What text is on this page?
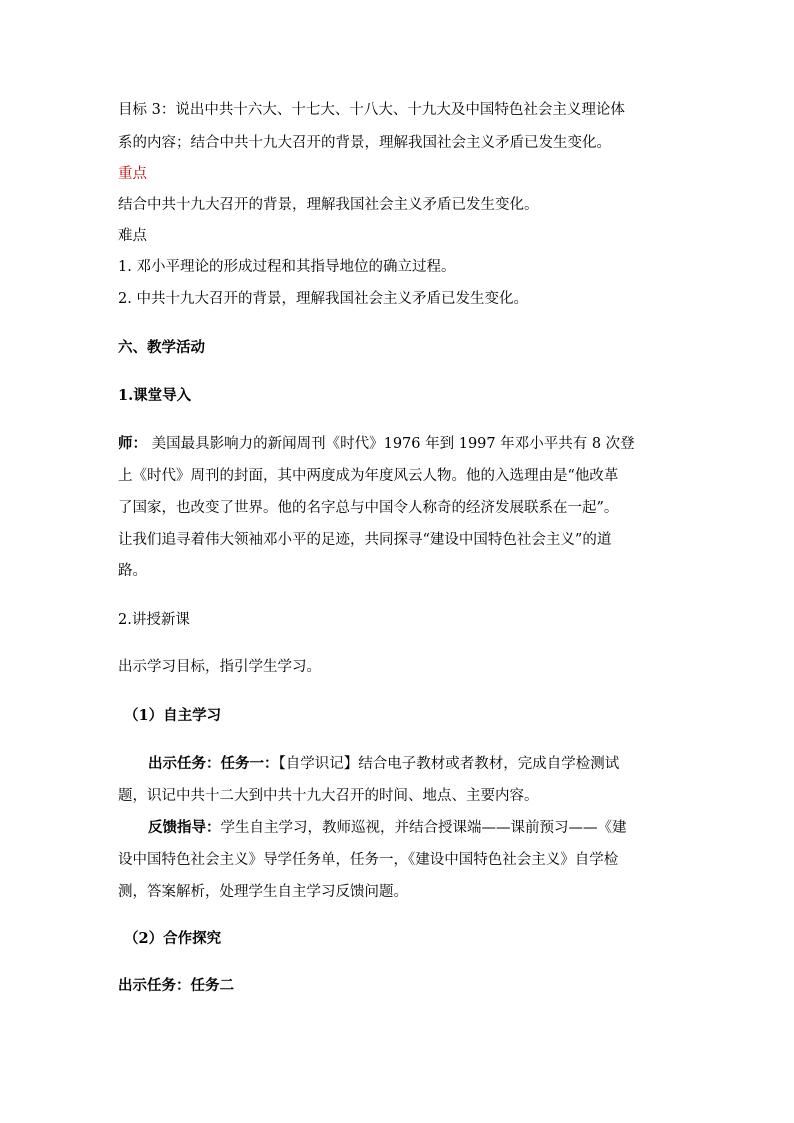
目标 3：说出中共十六大、十七大、十八大、十九大及中国特色社会主义理论体
系的内容；结合中共十九大召开的背景，理解我国社会主义矛盾已发生变化。
重点
结合中共十九大召开的背景，理解我国社会主义矛盾已发生变化。
难点
1. 邓小平理论的形成过程和其指导地位的确立过程。
2. 中共十九大召开的背景，理解我国社会主义矛盾已发生变化。
六、教学活动
1.课堂导入
师： 美国最具影响力的新闻周刊《时代》1976 年到 1997 年邓小平共有 8 次登
上《时代》周刊的封面，其中两度成为年度风云人物。他的入选理由是“他改革
了国家，也改变了世界。他的名字总与中国令人称奇的经济发展联系在一起”。
让我们追寻着伟大领袖邓小平的足迹，共同探寻“建设中国特色社会主义”的道
路。
2.讲授新课
出示学习目标，指引学生学习。
（1）自主学习
出示任务：任务一：【自学识记】结合电子教材或者教材，完成自学检测试
题，识记中共十二大到中共十九大召开的时间、地点、主要内容。
反馈指导：学生自主学习，教师巡视，并结合授课端——课前预习——《建
设中国特色社会主义》导学任务单，任务一，《建设中国特色社会主义》自学检
测，答案解析，处理学生自主学习反馈问题。
（2）合作探究
出示任务：任务二
